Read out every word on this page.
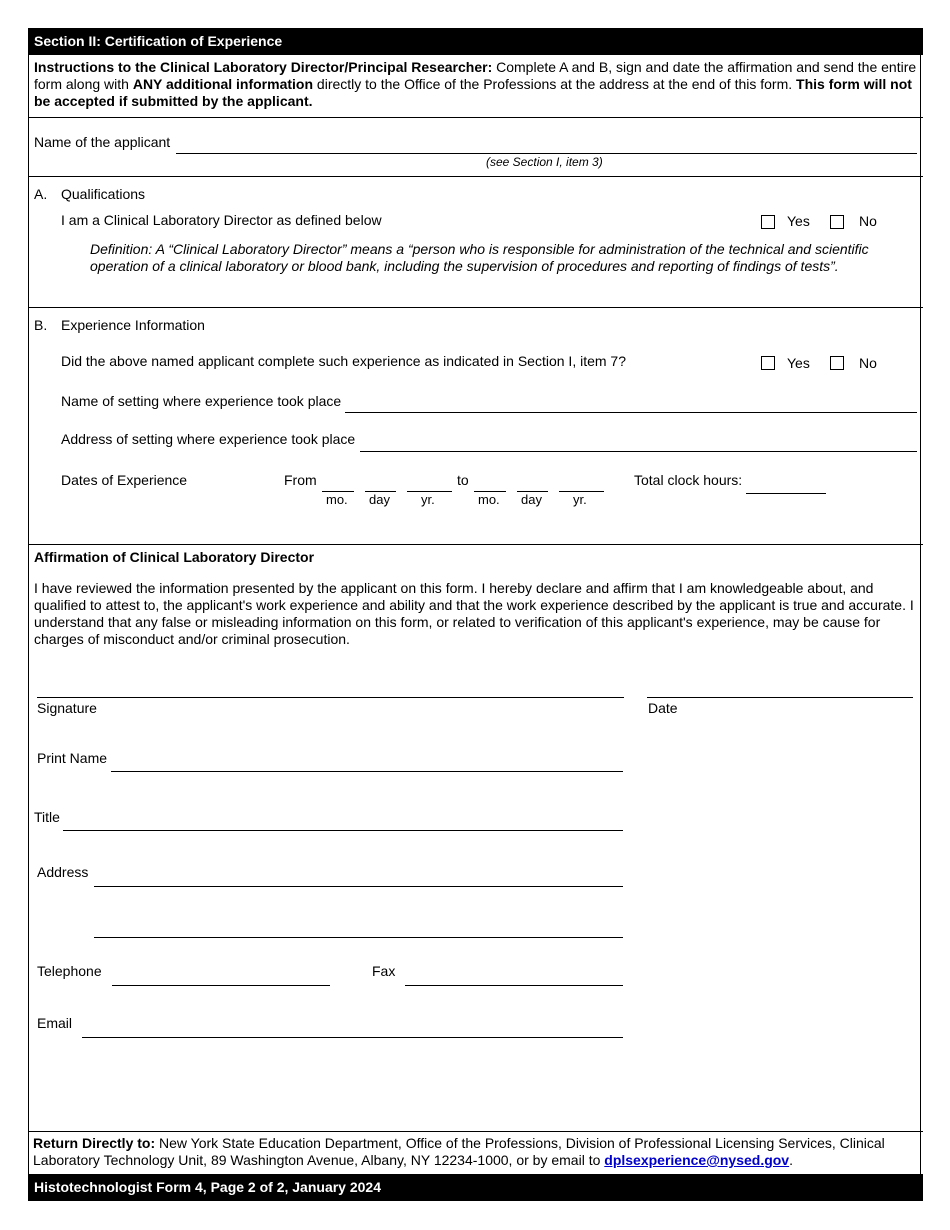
Section II: Certification of Experience
Instructions to the Clinical Laboratory Director/Principal Researcher: Complete A and B, sign and date the affirmation and send the entire form along with ANY additional information directly to the Office of the Professions at the address at the end of this form. This form will not be accepted if submitted by the applicant.
Name of the applicant
(see Section I, item 3)
A. Qualifications
I am a Clinical Laboratory Director as defined below	Yes	No
Definition: A “Clinical Laboratory Director” means a “person who is responsible for administration of the technical and scientific operation of a clinical laboratory or blood bank, including the supervision of procedures and reporting of findings of tests”.
B. Experience Information
Did the above named applicant complete such experience as indicated in Section I, item 7?	Yes	No
Name of setting where experience took place
Address of setting where experience took place
Dates of Experience	From	to	Total clock hours:
mo. day yr.	mo. day yr.
Affirmation of Clinical Laboratory Director
I have reviewed the information presented by the applicant on this form. I hereby declare and affirm that I am knowledgeable about, and qualified to attest to, the applicant's work experience and ability and that the work experience described by the applicant is true and accurate. I understand that any false or misleading information on this form, or related to verification of this applicant's experience, may be cause for charges of misconduct and/or criminal prosecution.
Signature	Date
Print Name
Title
Address
Telephone	Fax
Email
Return Directly to: New York State Education Department, Office of the Professions, Division of Professional Licensing Services, Clinical Laboratory Technology Unit, 89 Washington Avenue, Albany, NY 12234-1000, or by email to dplsexperience@nysed.gov.
Histotechnologist Form 4, Page 2 of 2, January 2024
